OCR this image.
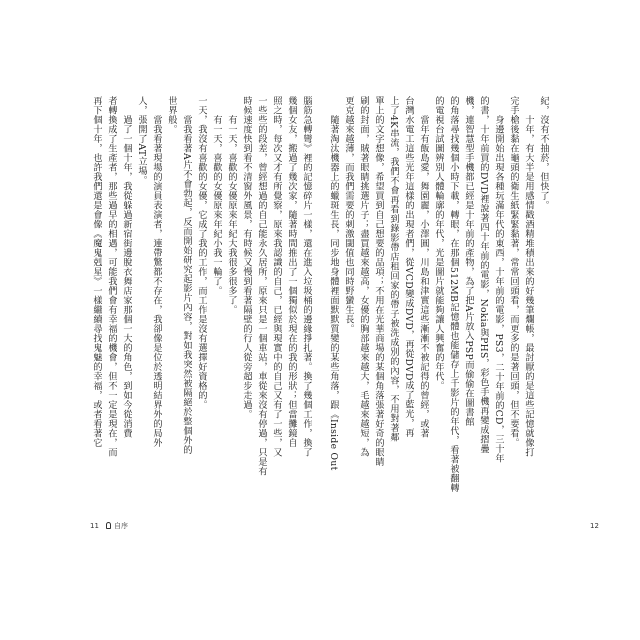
再下個十年，也許我們還是會像《魔鬼剋星》一樣繼續尋找鬼魅的幸福，或者看著它 者轉換成了生產者，那些過早的相遇，可能我們會有幸福的機會，但不一定是現在，而 　　過了一個十年，我從躲過新宿街邊脫衣舞店家那個一大的角色，到如今從消費 人，張開了AT立場。 　　當我看著現場的演員表演者，連帶驚都不存在，我卻像是位於透明結界外的局外 世界般。 　　當我看著A片不會勃起，反而開始研究起影片內容，對如我突然被隔絕於整個外的 一天，我沒有喜歡的女優，它成了我的工作，而工作是沒有選擇好資格的。 　　有一天，喜歡的女優原來年紀小我一輪了。 　　有一天，喜歡的女優原來年紀大我很多很多了。 時候速度快到看不清窗外風景，有時候又慢到看著隔壁的行人從旁超步走過。 一些些的段差，曾經想過的自己能永久居所，原來只是一個車站，車從來沒有停過，只是有 照之時，每次又才有所覺察，原來我認識的自己，已經與現實中的自己又有了一些，又 幾個女友，搬過了幾次家，隨著時間推出了一個獨似於現在的我的形狀；但當攤鏡自 腦筋急轉彎》裡的記憶碎片一樣，還在進入垃圾桶的邊緣掙扎著。換了幾個工作，換了	紀，沒有不抽菸，但快了。
　　十年，有大半是用感情戳酒精堆積出來的好幾筆爛帳，最討厭的是這些記憶就像打
完手槍後黏在龜頭的衛生紙緊緊黏著，常常回頭看，而更多的是著回頭，但不要看。
　　身邊開始出現各種玩滿年代的東西，十年前的電影，PS3，二十年前的CD，三十年
的書，十年前買的DVD裡說著四十年前的電影，Nokia與PHS，彩色手機再變成摺疊
機，連智慧型手機都已經是十年前的產物，為了把A片放入PSP而偷偷在圖書館
的角落尋找幾個小時下載，轉眼，在那個512MB記憶體也能儲存上千影片的年代，看著被翻轉
的電視台試圖辨別人體輪廓的年代，光是圖片就能夠讓人興奮的年代。
　　當年有飯島愛，舞園麗，小澤圓，川島和津實這些漸漸不被記得的曾經，或著
台灣水電工這些光年這樣的出現者們，從VCD變成DVD，再從DVD成了藍光，再
上了4K串流，我們不會再看到錄影帶店租回家的帶子被洗成別的內容，不用對著鄰
單上的文字想像，希望買到自己想要的品項；不用在光華商場的某個角落張著好奇的眼睛
刷的封面，賊著眼睛挑選片子；盡買越來越高，女優的胸部越來越大，毛越來越短，為
更克越來越薄，而我們需要的刺激閾值也同時野蠻生長。
　　隨著淘汰機器上的蠟斑生長，同步地身體裡面默默質變的某些角落，跟《Inside Out
11	自序	12
